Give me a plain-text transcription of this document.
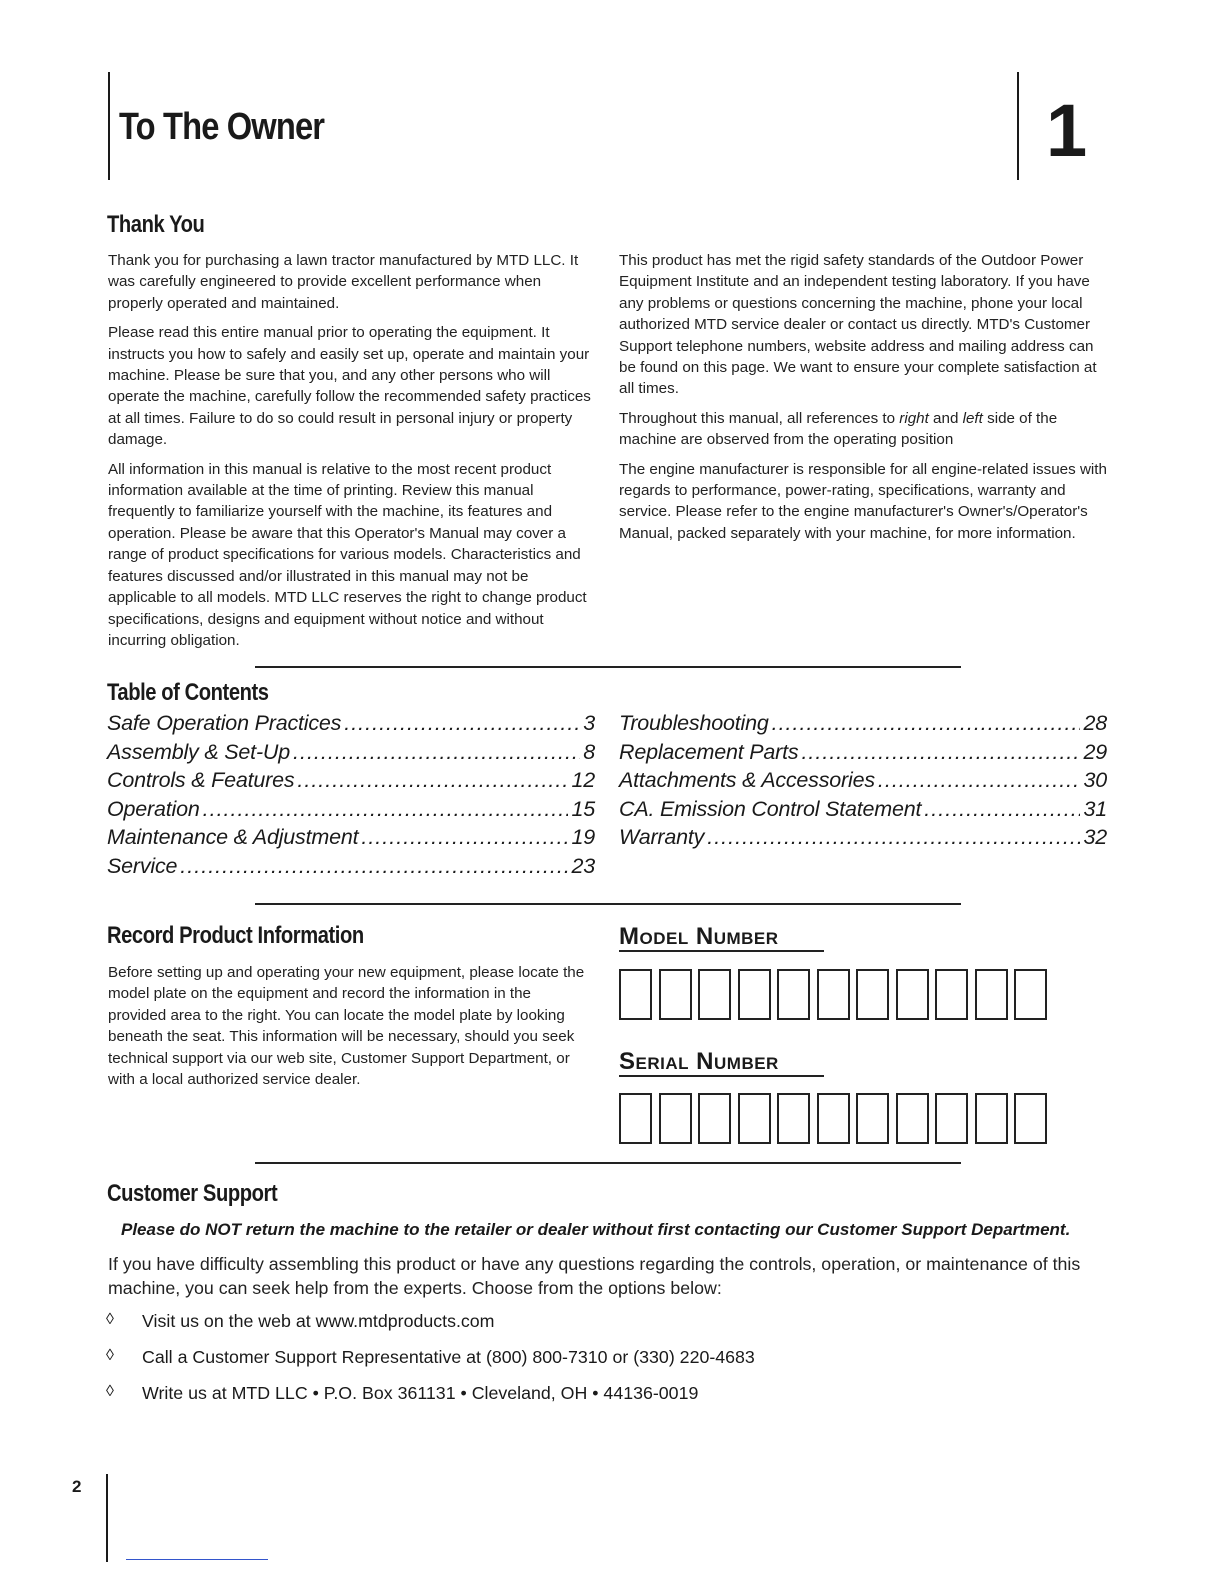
To The Owner	1
Thank You

Thank you for purchasing a lawn tractor manufactured by MTD LLC. It was carefully engineered to provide excellent performance when properly operated and maintained.

Please read this entire manual prior to operating the equipment. It instructs you how to safely and easily set up, operate and maintain your machine. Please be sure that you, and any other persons who will operate the machine, carefully follow the recommended safety practices at all times. Failure to do so could result in personal injury or property damage.

All information in this manual is relative to the most recent product information available at the time of printing. Review this manual frequently to familiarize yourself with the machine, its features and operation. Please be aware that this Operator's Manual may cover a range of product specifications for various models. Characteristics and features discussed and/or illustrated in this manual may not be applicable to all models. MTD LLC reserves the right to change product specifications, designs and equipment without notice and without incurring obligation.

This product has met the rigid safety standards of the Outdoor Power Equipment Institute and an independent testing laboratory. If you have any problems or questions concerning the machine, phone your local authorized MTD service dealer or contact us directly. MTD's Customer Support telephone numbers, website address and mailing address can be found on this page. We want to ensure your complete satisfaction at all times.

Throughout this manual, all references to right and left side of the machine are observed from the operating position

The engine manufacturer is responsible for all engine-related issues with regards to performance, power-rating, specifications, warranty and service. Please refer to the engine manufacturer's Owner's/Operator's Manual, packed separately with your machine, for more information.

Table of Contents
Safe Operation Practices .....	3
Assembly & Set-Up .....	8
Controls & Features .....	12
Operation .....	15
Maintenance & Adjustment .....	19
Service .....	23
Troubleshooting .....	28
Replacement Parts .....	29
Attachments & Accessories .....	30
CA. Emission Control Statement .....	31
Warranty .....	32
Record Product Information
Before setting up and operating your new equipment, please locate the model plate on the equipment and record the information in the provided area to the right. You can locate the model plate by looking beneath the seat. This information will be necessary, should you seek technical support via our web site, Customer Support Department, or with a local authorized service dealer.
Model Number
Serial Number
Customer Support
Please do NOT return the machine to the retailer or dealer without first contacting our Customer Support Department.
If you have difficulty assembling this product or have any questions regarding the controls, operation, or maintenance of this machine, you can seek help from the experts. Choose from the options below:
◊	Visit us on the web at www.mtdproducts.com
◊	Call a Customer Support Representative at (800) 800-7310 or (330) 220-4683
◊	Write us at MTD LLC • P.O. Box 361131 • Cleveland, OH • 44136-0019
2
